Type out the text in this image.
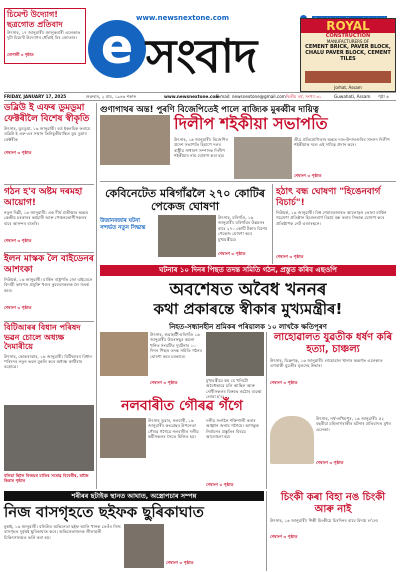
চিমেণ্ট উদ্যোগ! ছত্ৰগোত প্ৰতিবাদ
উৎসাহ, ১৭ জানুৱাৰী। জালুকবাৰী এলেকাত দুটা চিমেণ্ট উদ্যোগৰ ধোঁৱাই বিৰ জোতাৰ।
সোণালী ৩ পৃষ্ঠাত
www.newsnextone.com
e সংবাদ

ROYAL
CONSTRUCTION
MANUFACTURERS OF
CEMENT BRICK, PAVER BLOCK, CHALU PAVER BLOCK, CEMENT TILES
Jorhat, Assam
FRIDAY, JANUARY 17, 2025	শুক্ৰবাৰ, ২ মাঘ, ১৯৪৬ শকাব্দ	www.newsnextone.com
E-mail: newsnextone@gmail.com দ্বিতীয় বৰ্ষ, সংখ্যা ৩১	Guwahati, Assam পৃষ্ঠা ৬
ডব্লিউ ই এফৰ ডুমডুমা ফেক্টৰীলৈ বিশেষ স্বীকৃতি
উৎসাহ, ডুমডুমা, ১৬ জানুৱাৰী। বৰ্ড ইকনমিক ফৰামে ডব্লিউ ই এফ-এৰ সম্মান তিনিচুকীয়াস্থিত ডুম ডুমাৰ ফেক্টৰীক
শেষাংশ ৩ পৃষ্ঠাত
গঠন হ'ব অষ্টম দৰমহা আয়োগ!
নতুন দিল্লী, ১৬ জানুৱাৰী। এক দীৰ্ঘ প্ৰতীক্ষাৰ অন্তত কেন্দ্ৰীয় চৰকাৰৰ কৰ্মচাৰী আৰু পেঞ্চনভোগীসকলৰ বাবে আনন্দৰ বাতৰি।
শেষাংশ ৩ পৃষ্ঠাত
ইলন মাস্কক লৈ বাইডেনৰ আশংকা
নিউয়ৰ্ক, ১৬ জানুৱাৰী। মাৰ্কিন ৰাষ্ট্ৰপতি জো বাইডেনে বিদায়ী ভাষণত প্ৰযুক্তি খণ্ডৰ কুবেৰসকলক লৈ সতৰ্ক কৰে।
শেষাংশ ৩ পৃষ্ঠাত
বিটিআৰৰ বিধান পৰিষদ ভৱন চোলে অধ্যক্ষ দৈমাৰীয়ে
উৎসাহ, কোকৰাঝাৰ, ১৬ জানুৱাৰী। বিটিআৰৰ বিধান পৰিষদৰ নতুন ভৱন মুকলি কৰে অধ্যক্ষ কাটিৰাম বড়োৱে।
বলিয়া ছিলৈ বিজয়ৰ মাতিৰ সৰোৱ বিবেৰীৰ, ৰাজৈ কিরাৰ পৃষ্ঠাত
গুণাগাথৰ অন্ত! পুৰণি বিজেপিতেই পালে ৰাজ্যিক মুৰব্বীৰ দায়িত্ব
দিলীপ শইকীয়া সভাপতি
উৎসাহ, ১৬ জানুৱাৰী। বিজেপিৰ প্ৰদেশ সভাপতি হিচাপে দলৰ ৰাষ্ট্ৰীয় সাধাৰণ সম্পাদক দিলীপ শইকীয়াৰ নাম ঘোষণা কৰা হয়।
তীব্ৰ প্ৰতিযোগিতাৰ অন্তত দৰং-উদালগুৰিৰ সাংসদ দিলীপ শইকীয়াক দলে এই দায়িত্ব প্ৰদান কৰে।
শেষাংশ ৩ পৃষ্ঠাত
কেবিনেটেত মৰিগাঁৱলৈ ২৭০ কোটিৰ পেকেজ ঘোষণা
উজানবজাৰ ঘটনা সন্দৰ্ভত নতুন সিদ্ধান্ত
উৎসাহ, মৰিগাঁও, ১৬ জানুৱাৰী। মৰিগাঁৱৰ উন্নয়নৰ বাবে ২৭০ কোটি টকাৰ বিশেষ পেকেজ ঘোষণা কৰে মুখ্যমন্ত্ৰীয়ে।
শেষাংশ ৩ পৃষ্ঠাত
হঠাৎ বন্ধ ঘোষণা "হিঙেনবাৰ্গ বিচাৰ্চ"!
নিউয়ৰ্ক, ১৬ জানুৱাৰী। বিশ্ব শেয়াৰবজাৰত আলোড়ন তোলা মাৰ্কিন গৱেষণা প্ৰতিষ্ঠান হিণ্ডেনবাৰ্গ বিচাৰ্চ বন্ধ কৰাৰ সিদ্ধান্ত ঘোষণা কৰে প্ৰতিষ্ঠাপক নেট এণ্ডাৰছনে।
শেষাংশ ৩ পৃষ্ঠাত
ঘটনাৰ ১০ দিনৰ পিছত তদন্ত সমিতি গঠন, প্ৰস্তুত কৰিব এছওপি
অবশেষত অবৈধ খননৰ
কথা প্ৰকাৰন্তে স্বীকাৰ মুখ্যমন্ত্ৰীৰ!
নিহত-সন্ধানহীন শ্ৰমিকৰ পৰিয়ালক ১০ লাখকৈ ক্ষতিপূৰণ
উৎসাহ, গুৱাহাটী-মৰিগাঁও ১৬ জানুৱাৰী। উমৰাংছুৰ কয়লা খনিত সংঘটিত দুৰ্ঘটনাৰ ১০ দিনৰ পিছত তদন্ত সমিতি গঠনৰ ঘোষণা কৰে চৰকাৰে।
মুখ্যমন্ত্ৰীয়ে কয় যে খনিটো অবৈধভাৱে চলি আছিল আৰু দোষীসকলৰ বিৰুদ্ধে কঠোৰ ব্যৱস্থা লোৱা হ'ব।
শেষাংশ ৩ পৃষ্ঠাত
লাহোৱালত যুৱতীক ধৰ্ষণ কৰি হত্যা, চাঞ্চল্য
উৎসাহ, ডিব্ৰুগড়, ১৬ জানুৱাৰী। লাহোৱাল থানাৰ অন্তৰ্গত এলেকাত এগৰাকী যুৱতীৰ মৃতদেহ উদ্ধাৰ।
শেষাংশ ৩ পৃষ্ঠাত
উৎসাহ, নৰ্থ-লখিমপুৰ, ১৬ জানুৱাৰী। ৫২ বছৰীয়া মহিলাগৰাকীৰ ঘটনাৰ প্ৰতিবাদত মুখৰ এলেকা।
শেষাংশ ৩ পৃষ্ঠাত
নলবাৰীত গৌৰৱ গঁগে
উৎসাহ ডুৱাৰ, নলবাৰী, ১৬ জানুৱাৰী। কংগ্ৰেছৰ উপনেতা গৌৰৱ গগৈয়ে নলবাৰীত দলীয় কৰ্মীসকলৰ সৈতে মিলিত হয়।
দলীয় সংগঠন শক্তিশালী কৰাৰ আহ্বান জনায় গগৈয়ে। আগন্তুক নিৰ্বাচনৰ প্ৰস্তুতিৰ বিষয়ে আলোচনা হয়।
শেষাংশ ৩ পৃষ্ঠাত
শৰীৰৰ ছটাইক স্থানত আঘাত, অস্ত্ৰোপচাৰ সম্পন্ন
নিজ বাসগৃহতে ছইফক ছুৰিকাঘাত
মুম্বাই, ১৬ জানুৱাৰী। বলিউড অভিনেতা ছইফ আলি খানক তেওঁৰ নিজ বাসগৃহত দুৰ্বৃত্তই ছুৰিকাঘাত কৰে। অভিনেতাজনক লীলাৱতী চিকিৎসালয়ত ভৰ্তি কৰা হয়।
শেষাংশ ৩ পৃষ্ঠাত
চিংকী কৰা বিহা নঙ চিংকী আৰু নাই
উৎসাহ, ১৬ জানুৱাৰী। শিল্পী চিংকীয়ে চিৰদিনৰ বাবে বিদায় ল'লে।
শেষাংশ ৩ পৃষ্ঠাত
